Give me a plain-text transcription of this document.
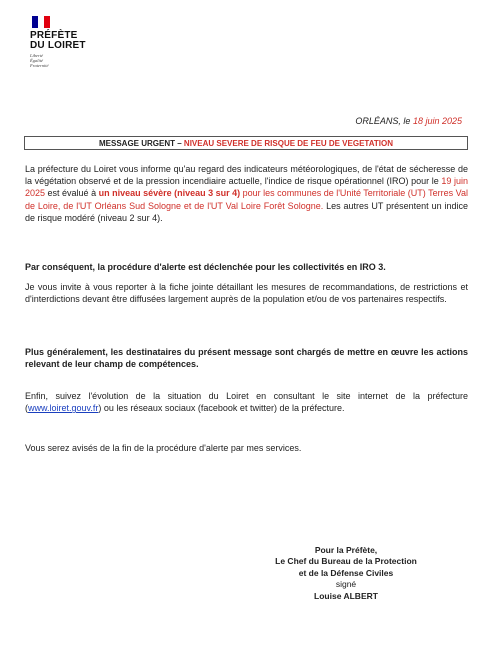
PRÉFÈTE
DU LOIRET
Liberté
Égalité
Fraternité
ORLÉANS, le 18 juin 2025
MESSAGE URGENT –
NIVEAU SEVERE DE RISQUE DE FEU DE VEGETATION

La préfecture du Loiret vous informe qu'au regard des indicateurs météorologiques, de l'état de sécheresse de la végétation observé et de la pression incendiaire actuelle, l'indice de risque opérationnel (IRO) pour le 19 juin 2025 est évalué à un niveau sévère (niveau 3 sur 4) pour les communes de l'Unité Territoriale (UT) Terres Val de Loire, de l'UT Orléans Sud Sologne et de l'UT Val Loire Forêt Sologne. Les autres UT présentent un indice de risque modéré (niveau 2 sur 4).

Par conséquent, la procédure d'alerte est déclenchée pour les collectivités en IRO 3.

Je vous invite à vous reporter à la fiche jointe détaillant les mesures de recommandations, de restrictions et d'interdictions devant être diffusées largement auprès de la population et/ou de vos partenaires respectifs.

Plus généralement, les destinataires du présent message sont chargés de mettre en œuvre les actions relevant de leur champ de compétences.

Enfin, suivez l'évolution de la situation du Loiret en consultant le site internet de la préfecture (www.loiret.gouv.fr) ou les réseaux sociaux (facebook et twitter) de la préfecture.

Vous serez avisés de la fin de la procédure d'alerte par mes services.

Pour la Préfète,
Le Chef du Bureau de la Protection
et de la Défense Civiles
signé
Louise ALBERT
